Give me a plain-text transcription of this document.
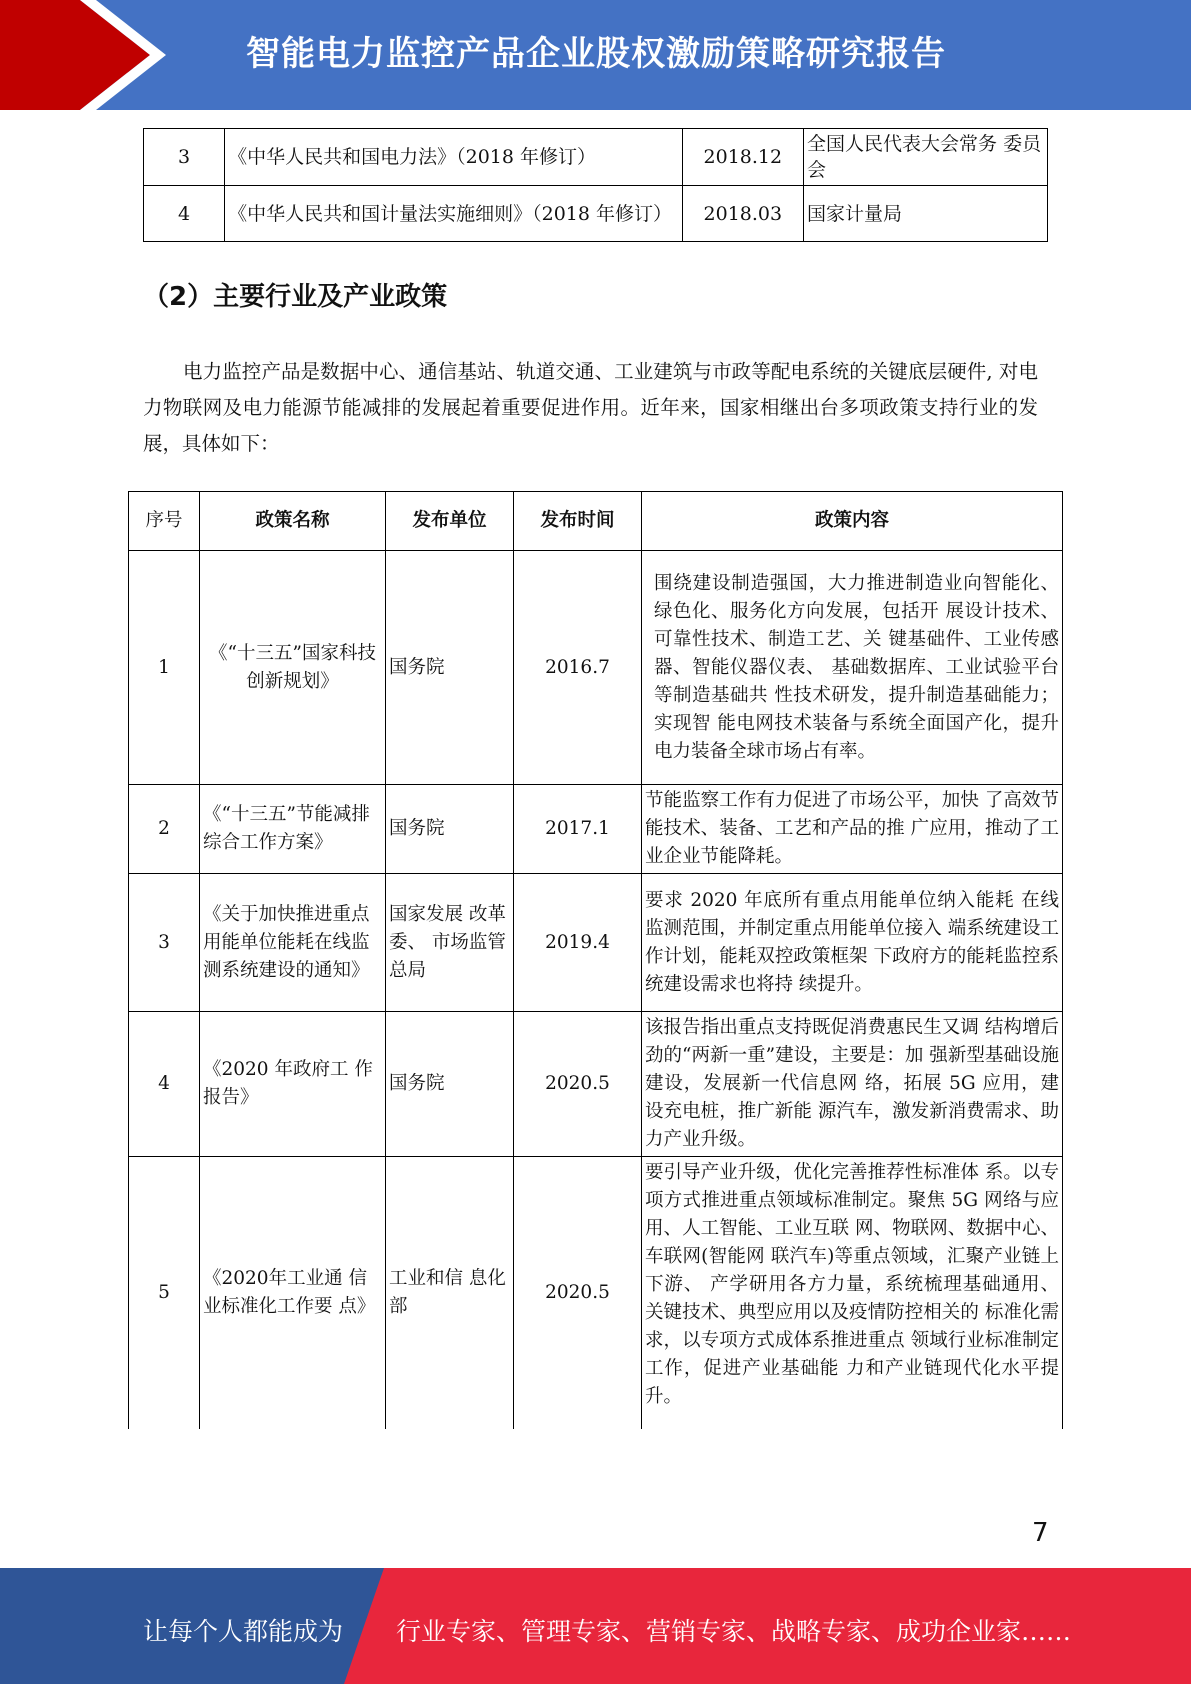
智能电力监控产品企业股权激励策略研究报告
3	《中华人民共和国电力法》（2018 年修订）	2018.12	全国人民代表大会常务 委员会
4	《中华人民共和国计量法实施细则》（2018 年修订）	2018.03	国家计量局
（2）主要行业及产业政策

电力监控产品是数据中心、通信基站、轨道交通、工业建筑与市政等配电系统的关键底层硬件, 对电力物联网及电力能源节能减排的发展起着重要促进作用。近年来，国家相继出台多项政策支持行业的发展，具体如下：

序号	政策名称	发布单位	发布时间	政策内容
1	《“十三五”国家科技创新规划》	国务院	2016.7	围绕建设制造强国，大力推进制造业向智能化、绿色化、服务化方向发展，包括开 展设计技术、可靠性技术、制造工艺、关 键基础件、工业传感器、智能仪器仪表、 基础数据库、工业试验平台等制造基础共 性技术研发，提升制造基础能力；实现智 能电网技术装备与系统全面国产化，提升 电力装备全球市场占有率。
2	《“十三五”节能减排综合工作方案》	国务院	2017.1	节能监察工作有力促进了市场公平，加快 了高效节能技术、装备、工艺和产品的推 广应用，推动了工业企业节能降耗。
3	《关于加快推进重点用能单位能耗在线监测系统建设的通知》	国家发展 改革委、 市场监管 总局	2019.4	要求 2020 年底所有重点用能单位纳入能耗 在线监测范围，并制定重点用能单位接入 端系统建设工作计划，能耗双控政策框架 下政府方的能耗监控系统建设需求也将持 续提升。
4	《2020 年政府工 作报告》	国务院	2020.5	该报告指出重点支持既促消费惠民生又调 结构增后劲的“两新一重”建设，主要是：加 强新型基础设施建设，发展新一代信息网 络，拓展 5G 应用，建设充电桩，推广新能 源汽车，激发新消费需求、助力产业升级。
5	《2020年工业通 信业标准化工作要 点》	工业和信 息化部	2020.5	要引导产业升级，优化完善推荐性标准体 系。以专项方式推进重点领域标准制定。聚焦 5G 网络与应用、人工智能、工业互联 网、物联网、数据中心、车联网(智能网 联汽车)等重点领域，汇聚产业链上下游、 产学研用各方力量，系统梳理基础通用、 关键技术、典型应用以及疫情防控相关的 标准化需求，以专项方式成体系推进重点 领域行业标准制定工作，促进产业基础能 力和产业链现代化水平提升。
7
让每个人都能成为 行业专家、管理专家、营销专家、战略专家、成功企业家……
